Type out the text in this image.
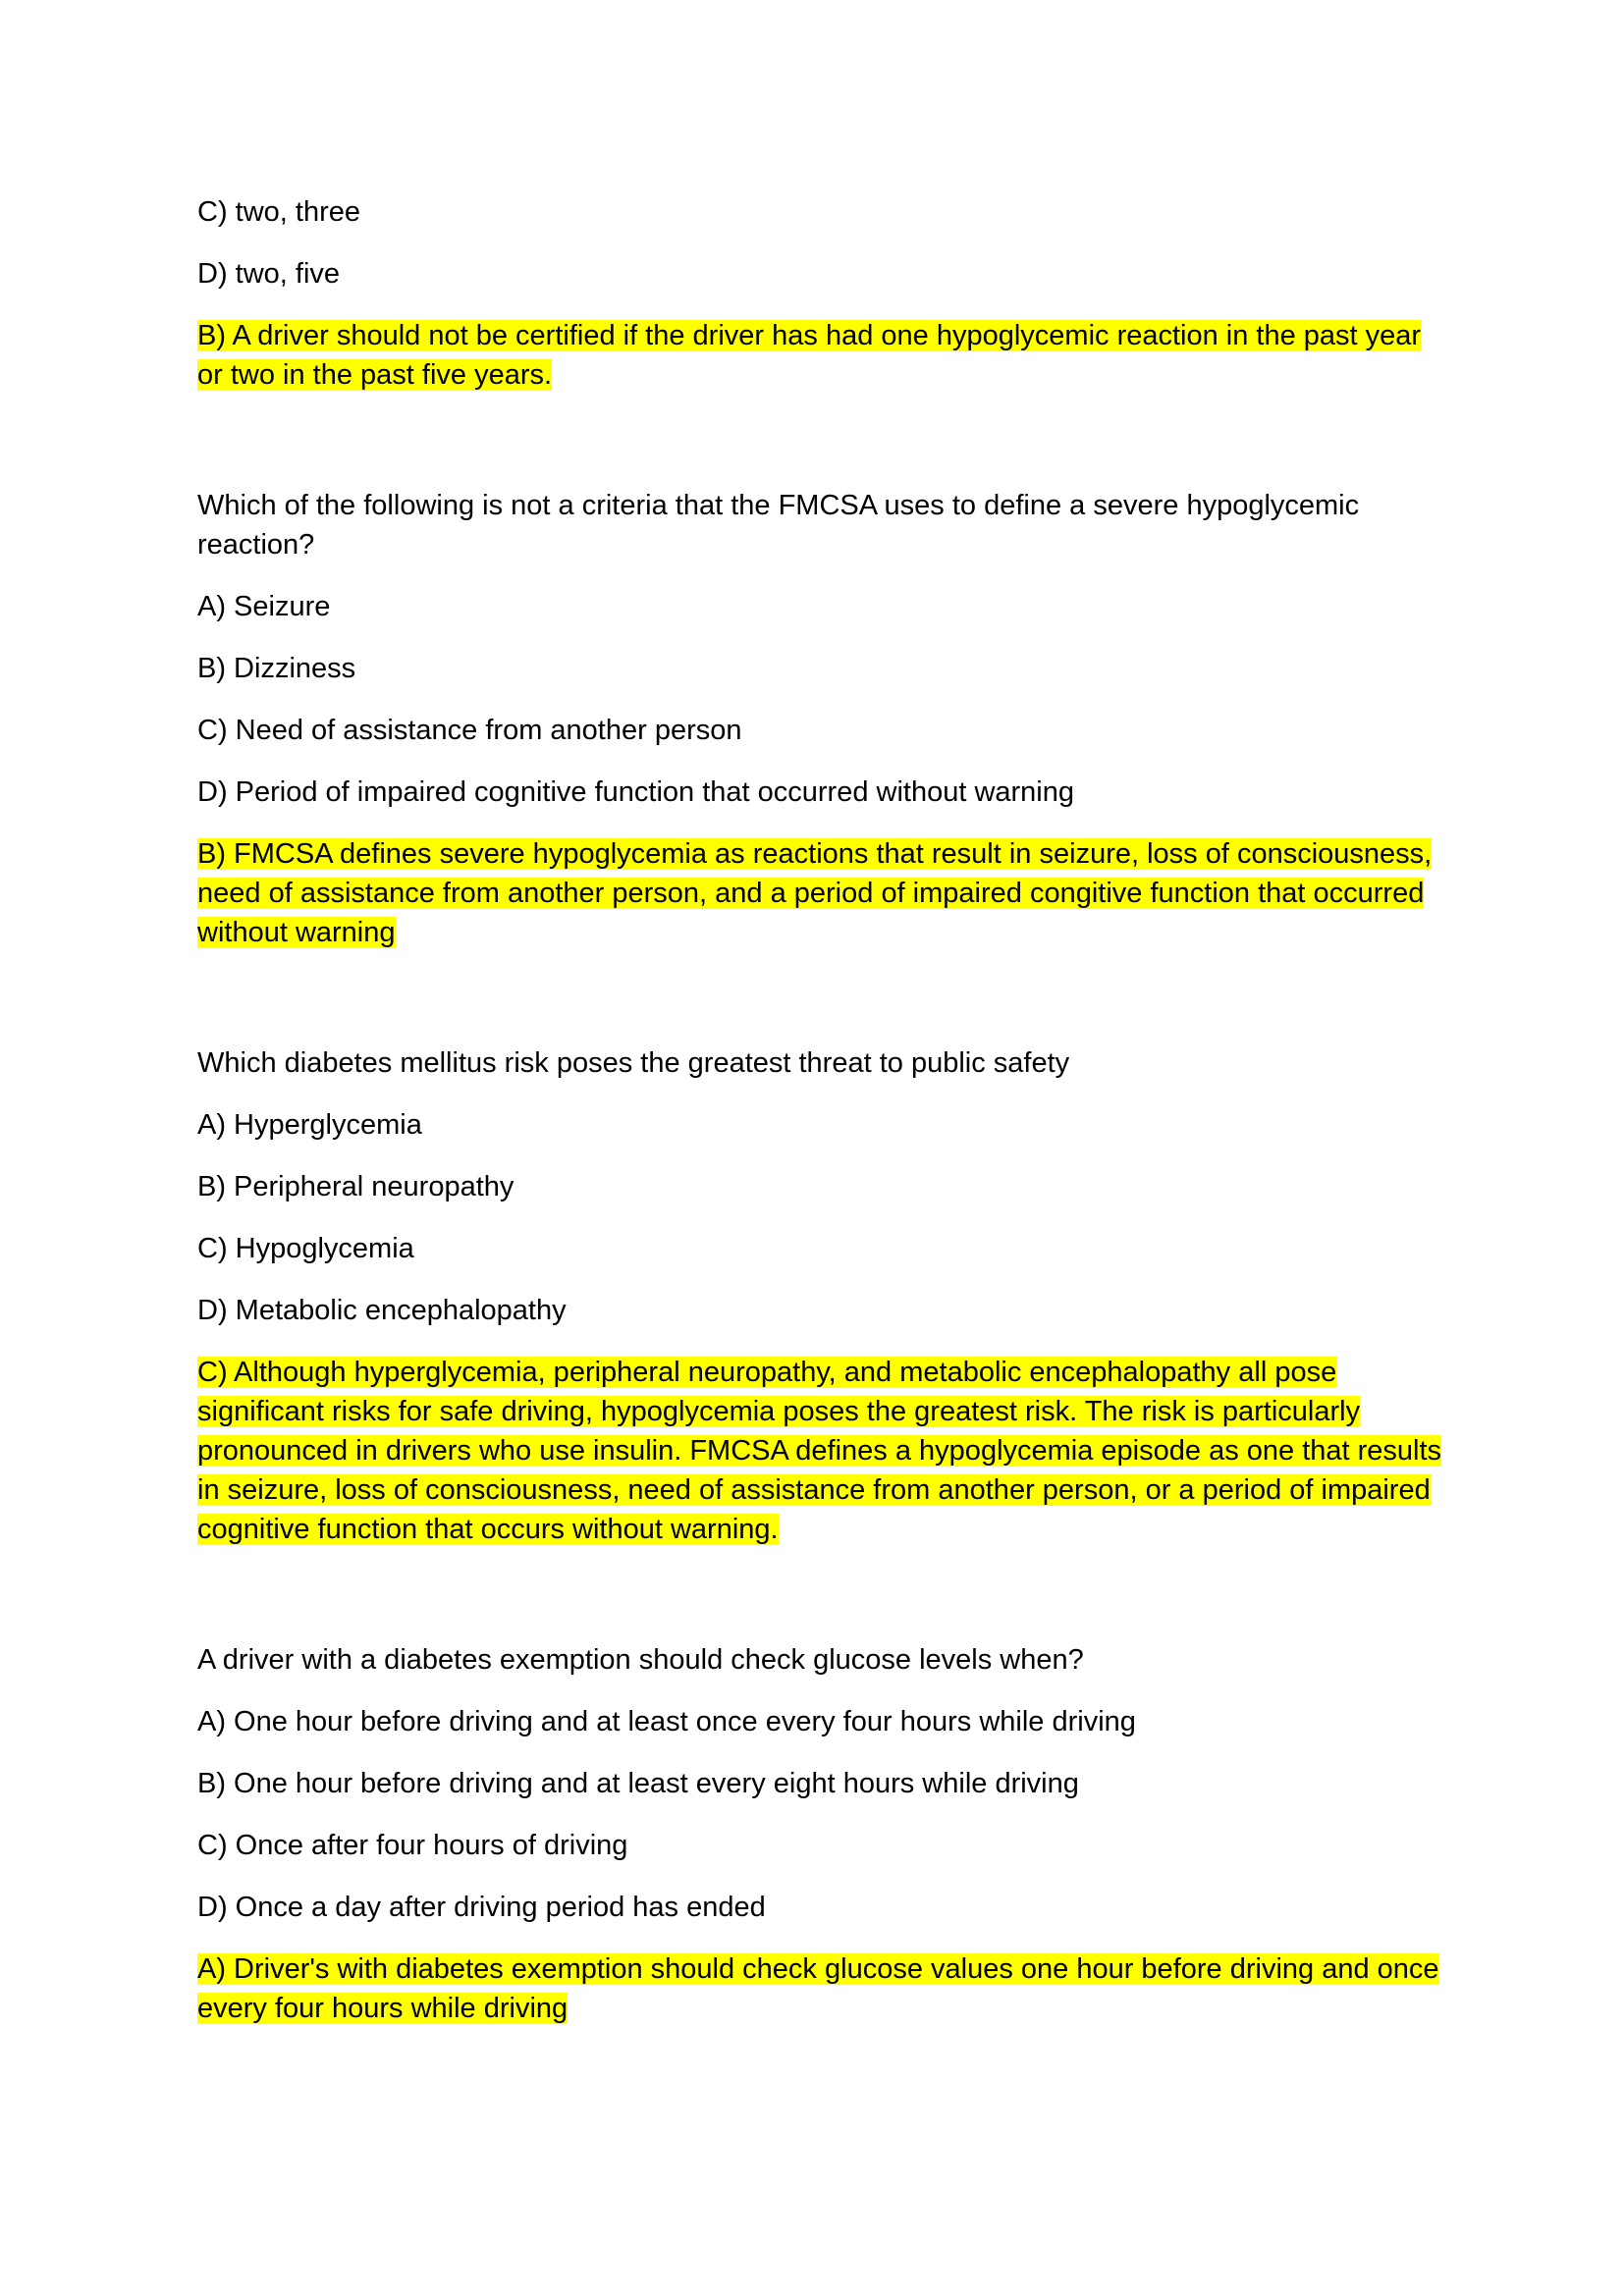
C) two, three

D) two, five

B) A driver should not be certified if the driver has had one hypoglycemic reaction in the past year or two in the past five years.

Which of the following is not a criteria that the FMCSA uses to define a severe hypoglycemic reaction?

A) Seizure

B) Dizziness

C) Need of assistance from another person

D) Period of impaired cognitive function that occurred without warning

B) FMCSA defines severe hypoglycemia as reactions that result in seizure, loss of consciousness, need of assistance from another person, and a period of impaired congitive function that occurred without warning

Which diabetes mellitus risk poses the greatest threat to public safety

A) Hyperglycemia

B) Peripheral neuropathy

C) Hypoglycemia

D) Metabolic encephalopathy

C) Although hyperglycemia, peripheral neuropathy, and metabolic encephalopathy all pose significant risks for safe driving, hypoglycemia poses the greatest risk. The risk is particularly pronounced in drivers who use insulin. FMCSA defines a hypoglycemia episode as one that results in seizure, loss of consciousness, need of assistance from another person, or a period of impaired cognitive function that occurs without warning.

A driver with a diabetes exemption should check glucose levels when?

A) One hour before driving and at least once every four hours while driving

B) One hour before driving and at least every eight hours while driving

C) Once after four hours of driving

D) Once a day after driving period has ended

A) Driver's with diabetes exemption should check glucose values one hour before driving and once every four hours while driving
